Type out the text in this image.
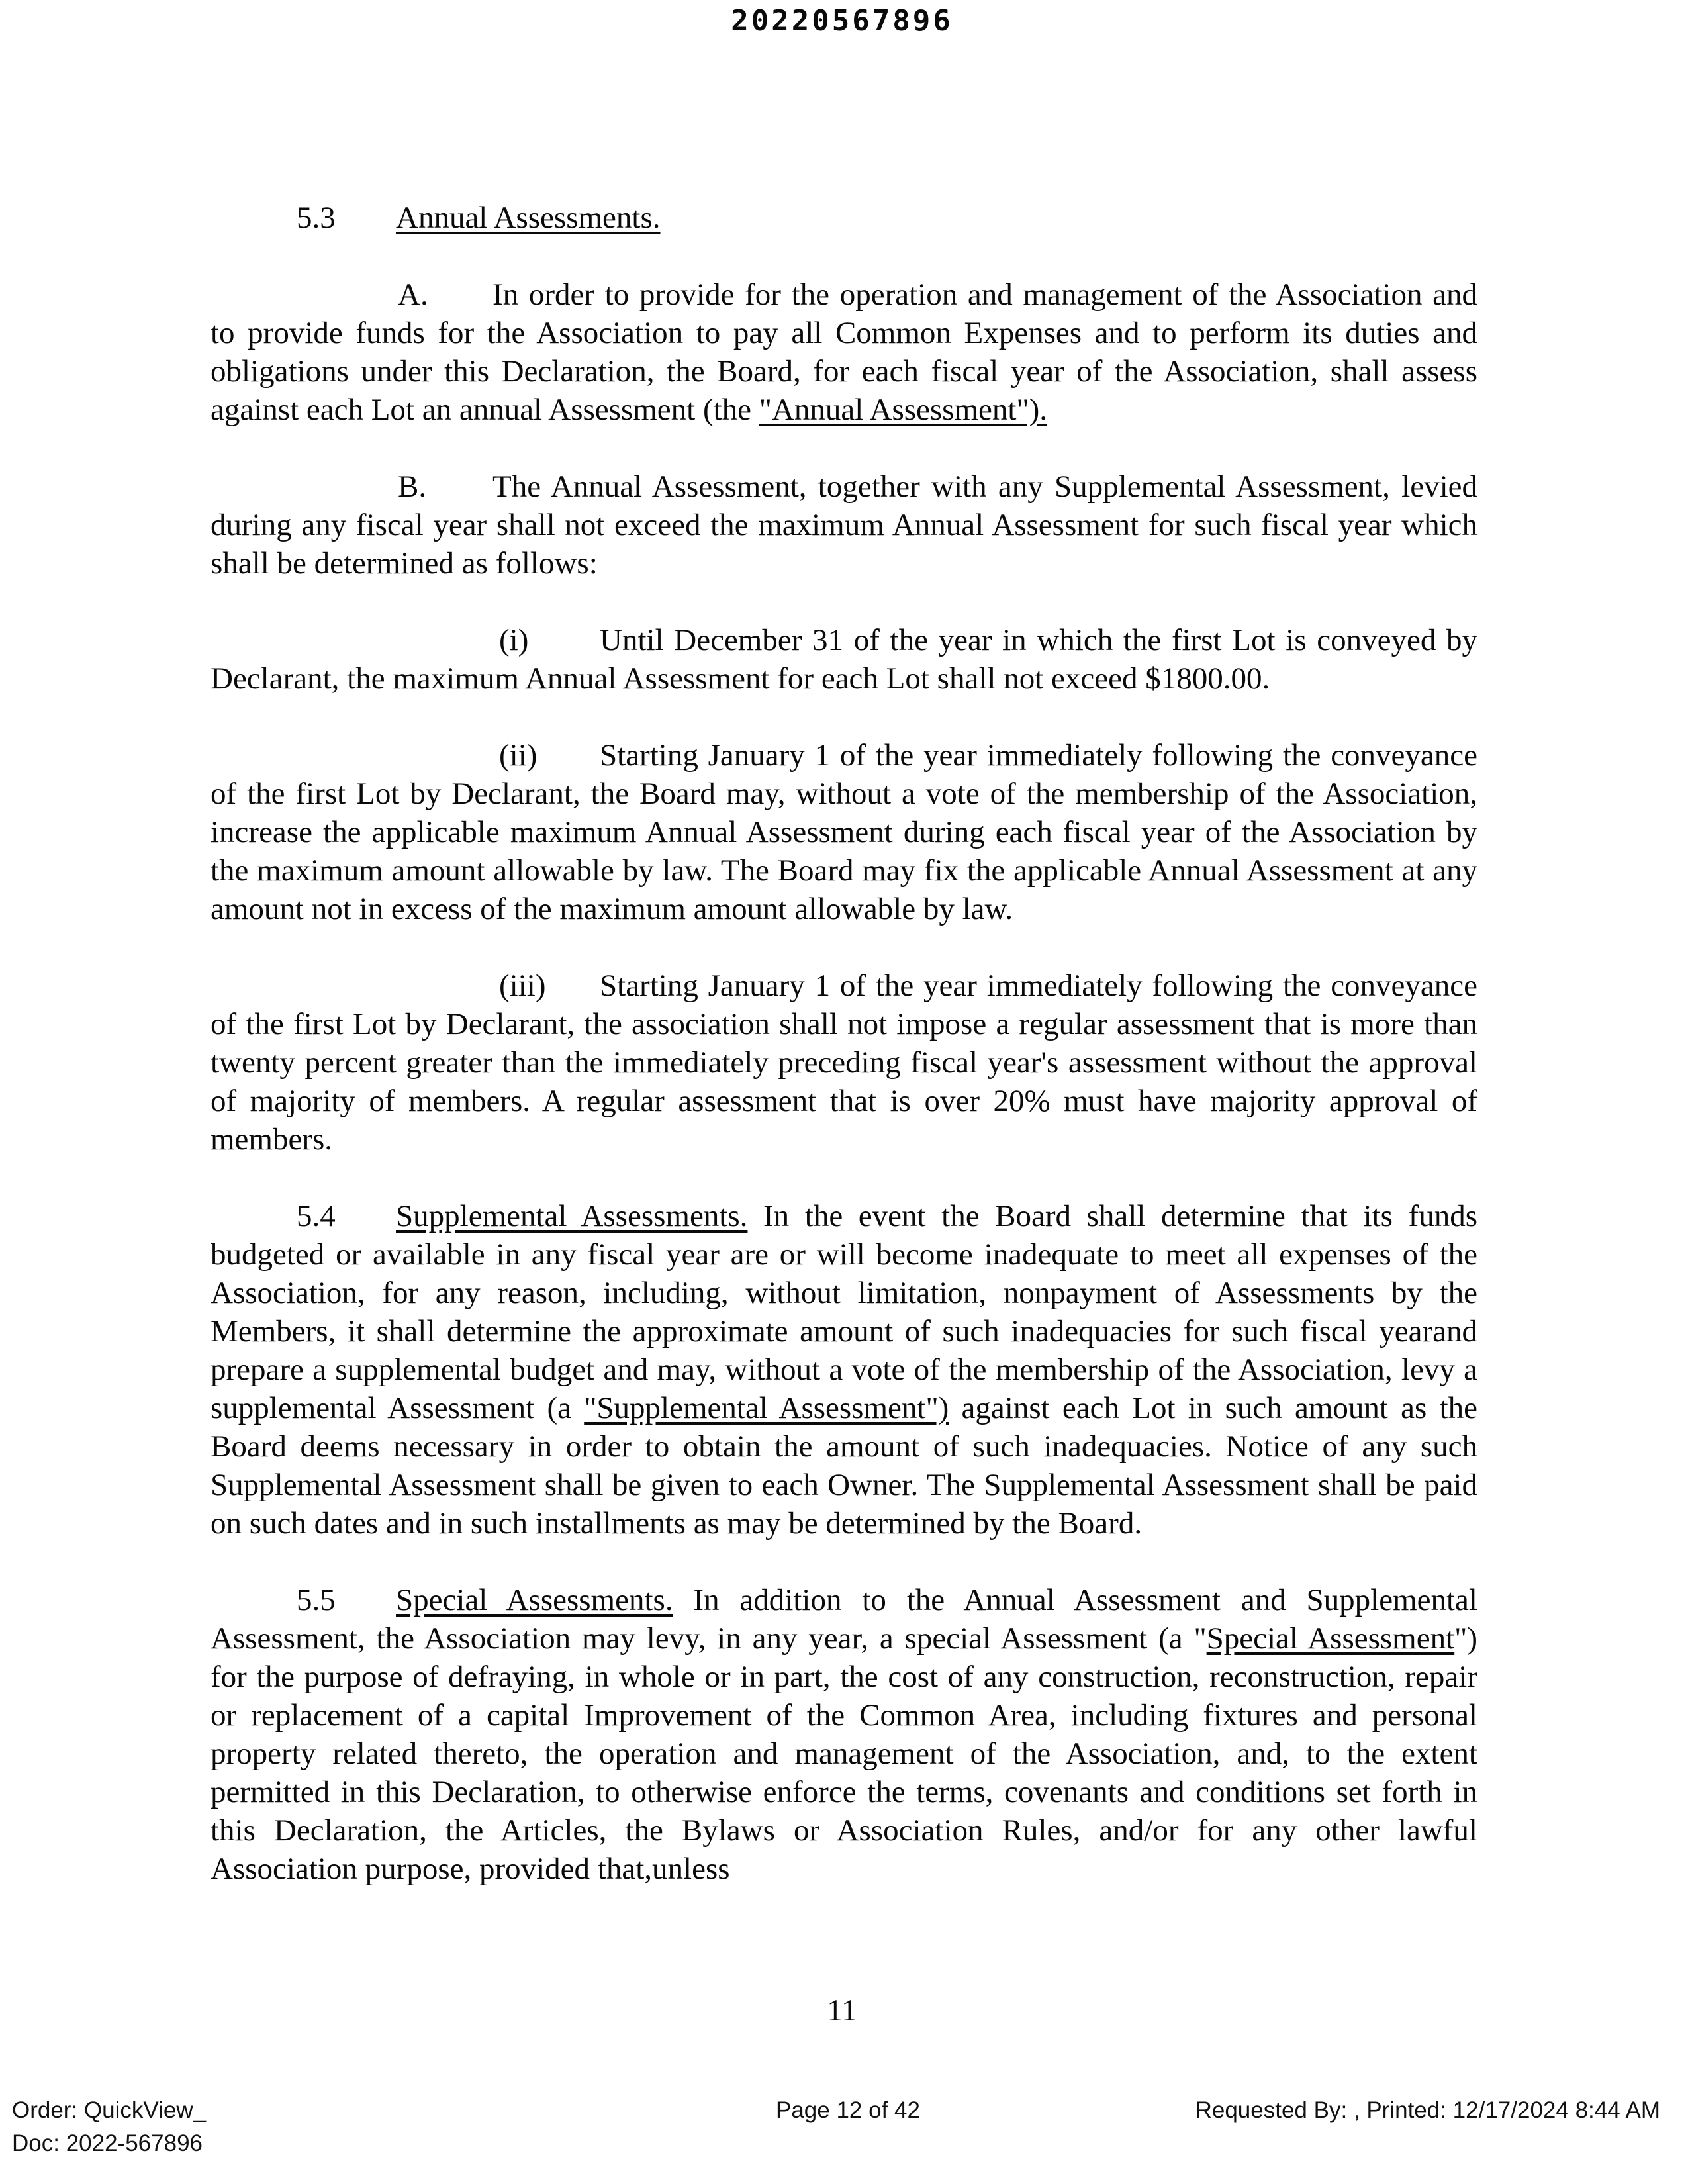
20220567896

5.3 Annual Assessments.

A. In order to provide for the operation and management of the Association and to provide funds for the Association to pay all Common Expenses and to perform its duties and obligations under this Declaration, the Board, for each fiscal year of the Association, shall assess against each Lot an annual Assessment (the "Annual Assessment").

B. The Annual Assessment, together with any Supplemental Assessment, levied during any fiscal year shall not exceed the maximum Annual Assessment for such fiscal year which shall be determined as follows:

(i) Until December 31 of the year in which the first Lot is conveyed by Declarant, the maximum Annual Assessment for each Lot shall not exceed $1800.00.

(ii) Starting January 1 of the year immediately following the conveyance of the first Lot by Declarant, the Board may, without a vote of the membership of the Association, increase the applicable maximum Annual Assessment during each fiscal year of the Association by the maximum amount allowable by law. The Board may fix the applicable Annual Assessment at any amount not in excess of the maximum amount allowable by law.

(iii) Starting January 1 of the year immediately following the conveyance of the first Lot by Declarant, the association shall not impose a regular assessment that is more than twenty percent greater than the immediately preceding fiscal year's assessment without the approval of majority of members. A regular assessment that is over 20% must have majority approval of members.

5.4 Supplemental Assessments. In the event the Board shall determine that its funds budgeted or available in any fiscal year are or will become inadequate to meet all expenses of the Association, for any reason, including, without limitation, nonpayment of Assessments by the Members, it shall determine the approximate amount of such inadequacies for such fiscal yearand prepare a supplemental budget and may, without a vote of the membership of the Association, levy a supplemental Assessment (a "Supplemental Assessment") against each Lot in such amount as the Board deems necessary in order to obtain the amount of such inadequacies. Notice of any such Supplemental Assessment shall be given to each Owner. The Supplemental Assessment shall be paid on such dates and in such installments as may be determined by the Board.

5.5 Special Assessments. In addition to the Annual Assessment and Supplemental Assessment, the Association may levy, in any year, a special Assessment (a "Special Assessment") for the purpose of defraying, in whole or in part, the cost of any construction, reconstruction, repair or replacement of a capital Improvement of the Common Area, including fixtures and personal property related thereto, the operation and management of the Association, and, to the extent permitted in this Declaration, to otherwise enforce the terms, covenants and conditions set forth in this Declaration, the Articles, the Bylaws or Association Rules, and/or for any other lawful Association purpose, provided that,unless

11
Order: QuickView_
Doc: 2022-567896
Page 12 of 42	Requested By: , Printed: 12/17/2024 8:44 AM
